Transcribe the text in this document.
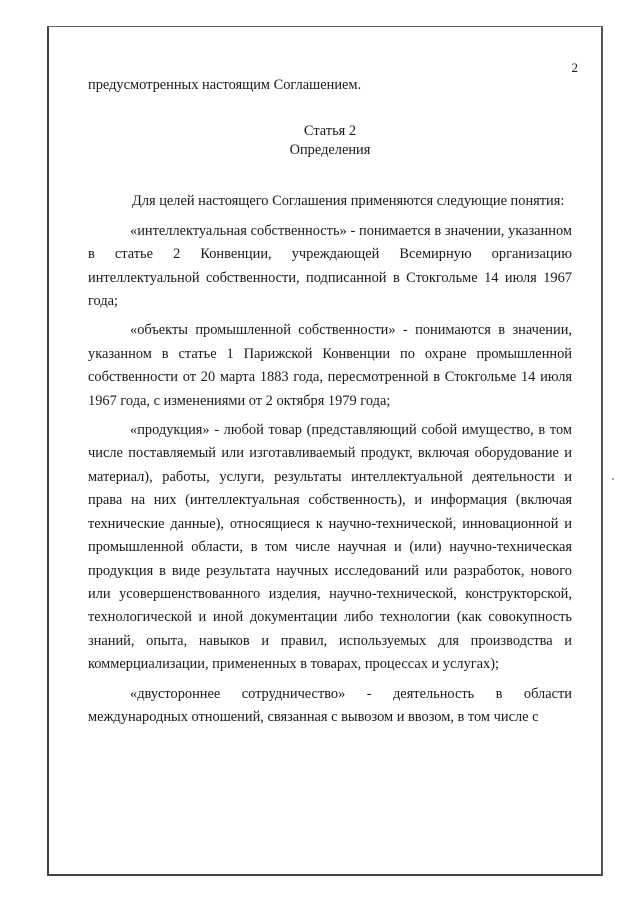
2

предусмотренных настоящим Соглашением.

Статья 2
Определения

Для целей настоящего Соглашения применяются следующие понятия:

«интеллектуальная собственность» - понимается в значении, указанном в статье 2 Конвенции, учреждающей Всемирную организацию интеллектуальной собственности, подписанной в Стокгольме 14 июля 1967 года;

«объекты промышленной собственности» - понимаются в значении, указанном в статье 1 Парижской Конвенции по охране промышленной собственности от 20 марта 1883 года, пересмотренной в Стокгольме 14 июля 1967 года, с изменениями от 2 октября 1979 года;

«продукция» - любой товар (представляющий собой имущество, в том числе поставляемый или изготавливаемый продукт, включая оборудование и материал), работы, услуги, результаты интеллектуальной деятельности и права на них (интеллектуальная собственность), и информация (включая технические данные), относящиеся к научно-технической, инновационной и промышленной области, в том числе научная и (или) научно-техническая продукция в виде результата научных исследований или разработок, нового или усовершенствованного изделия, научно-технической, конструкторской, технологической и иной документации либо технологии (как совокупность знаний, опыта, навыков и правил, используемых для производства и коммерциализации, примененных в товарах, процессах и услугах);

«двустороннее сотрудничество» - деятельность в области международных отношений, связанная с вывозом и ввозом, в том числе с
